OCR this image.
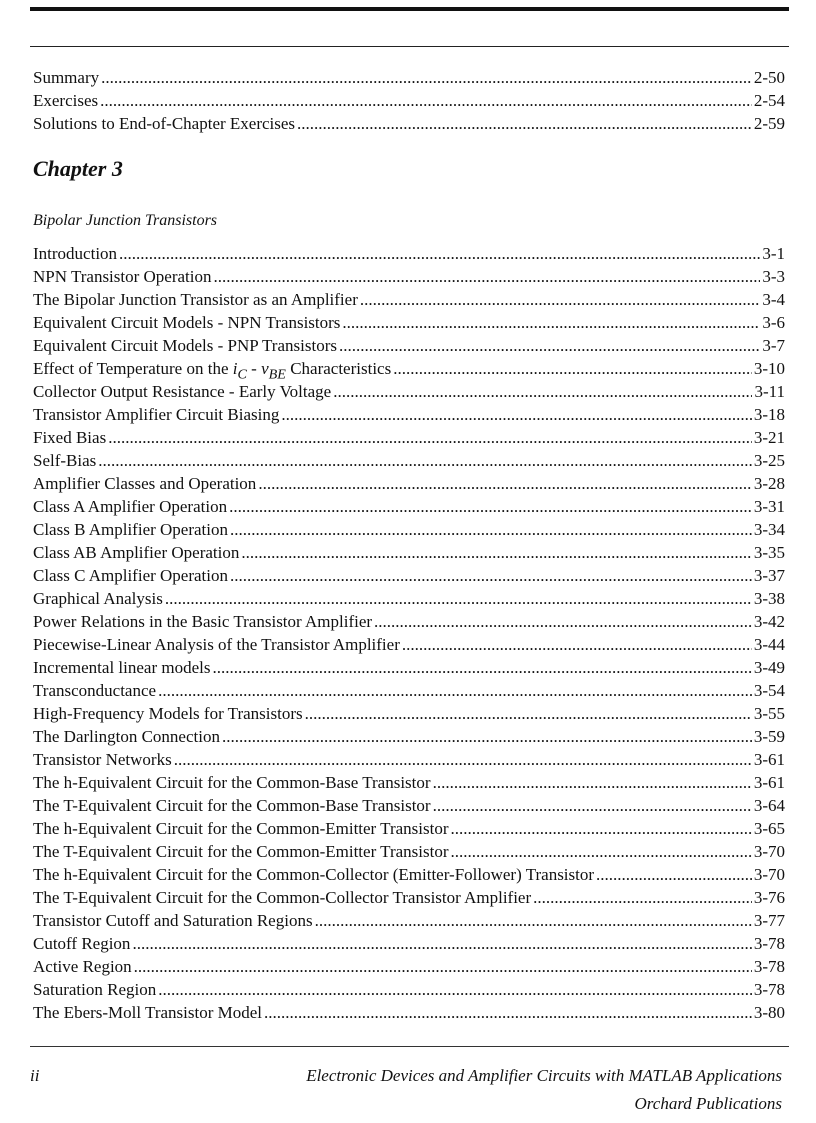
Summary .....	2-50
Exercises .....	2-54
Solutions to End-of-Chapter Exercises .....	2-59
Chapter 3
Bipolar Junction Transistors
Introduction .....	3-1
NPN Transistor Operation .....	3-3
The Bipolar Junction Transistor as an Amplifier .....	3-4
Equivalent Circuit Models - NPN Transistors .....	3-6
Equivalent Circuit Models - PNP Transistors .....	3-7
Effect of Temperature on the $i_C - v_{BE}$ Characteristics .....	3-10
Collector Output Resistance - Early Voltage .....	3-11
Transistor Amplifier Circuit Biasing .....	3-18
Fixed Bias .....	3-21
Self-Bias .....	3-25
Amplifier Classes and Operation .....	3-28
Class A Amplifier Operation .....	3-31
Class B Amplifier Operation .....	3-34
Class AB Amplifier Operation .....	3-35
Class C Amplifier Operation .....	3-37
Graphical Analysis .....	3-38
Power Relations in the Basic Transistor Amplifier .....	3-42
Piecewise-Linear Analysis of the Transistor Amplifier .....	3-44
Incremental linear models .....	3-49
Transconductance .....	3-54
High-Frequency Models for Transistors .....	3-55
The Darlington Connection .....	3-59
Transistor Networks .....	3-61
The h-Equivalent Circuit for the Common-Base Transistor .....	3-61
The T-Equivalent Circuit for the Common-Base Transistor .....	3-64
The h-Equivalent Circuit for the Common-Emitter Transistor .....	3-65
The T-Equivalent Circuit for the Common-Emitter Transistor .....	3-70
The h-Equivalent Circuit for the Common-Collector (Emitter-Follower) Transistor .....	3-70
The T-Equivalent Circuit for the Common-Collector Transistor Amplifier .....	3-76
Transistor Cutoff and Saturation Regions .....	3-77
Cutoff Region .....	3-78
Active Region .....	3-78
Saturation Region .....	3-78
The Ebers-Moll Transistor Model .....	3-80
ii	Electronic Devices and Amplifier Circuits with MATLAB Applications
Orchard Publications
